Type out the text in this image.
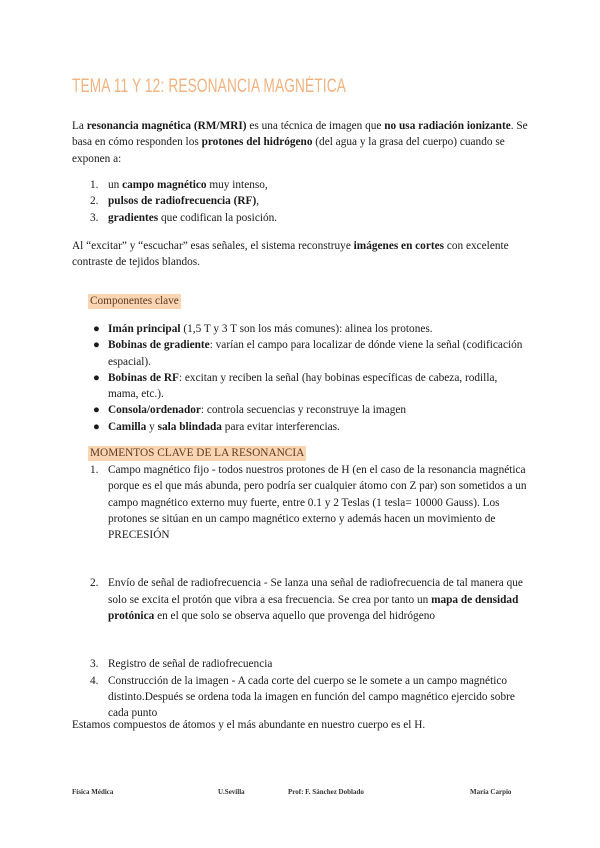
TEMA 11 Y 12: RESONANCIA MAGNÉTICA

La resonancia magnética (RM/MRI) es una técnica de imagen que no usa radiación ionizante. Se basa en cómo responden los protones del hidrógeno (del agua y la grasa del cuerpo) cuando se exponen a:

1. un campo magnético muy intenso,
2. pulsos de radiofrecuencia (RF),
3. gradientes que codifican la posición.

Al “excitar” y “escuchar” esas señales, el sistema reconstruye imágenes en cortes con excelente contraste de tejidos blandos.

Componentes clave
● Imán principal (1,5 T y 3 T son los más comunes): alinea los protones.
● Bobinas de gradiente: varían el campo para localizar de dónde viene la señal (codificación espacial).
● Bobinas de RF: excitan y reciben la señal (hay bobinas específicas de cabeza, rodilla, mama, etc.).
● Consola/ordenador: controla secuencias y reconstruye la imagen
● Camilla y sala blindada para evitar interferencias.
MOMENTOS CLAVE DE LA RESONANCIA
1. Campo magnético fijo - todos nuestros protones de H (en el caso de la resonancia magnética porque es el que más abunda, pero podría ser cualquier átomo con Z par) son sometidos a un campo magnético externo muy fuerte, entre 0.1 y 2 Teslas (1 tesla= 10000 Gauss). Los protones se sitúan en un campo magnético externo y además hacen un movimiento de PRECESIÓN
2. Envío de señal de radiofrecuencia - Se lanza una señal de radiofrecuencia de tal manera que solo se excita el protón que vibra a esa frecuencia. Se crea por tanto un mapa de densidad protónica en el que solo se observa aquello que provenga del hidrógeno
3. Registro de señal de radiofrecuencia
4. Construcción de la imagen - A cada corte del cuerpo se le somete a un campo magnético distinto.Después se ordena toda la imagen en función del campo magnético ejercido sobre cada punto

Estamos compuestos de átomos y el más abundante en nuestro cuerpo es el H.

Física Médica	U.Sevilla	Prof: F. Sánchez Doblado	María Carpio
